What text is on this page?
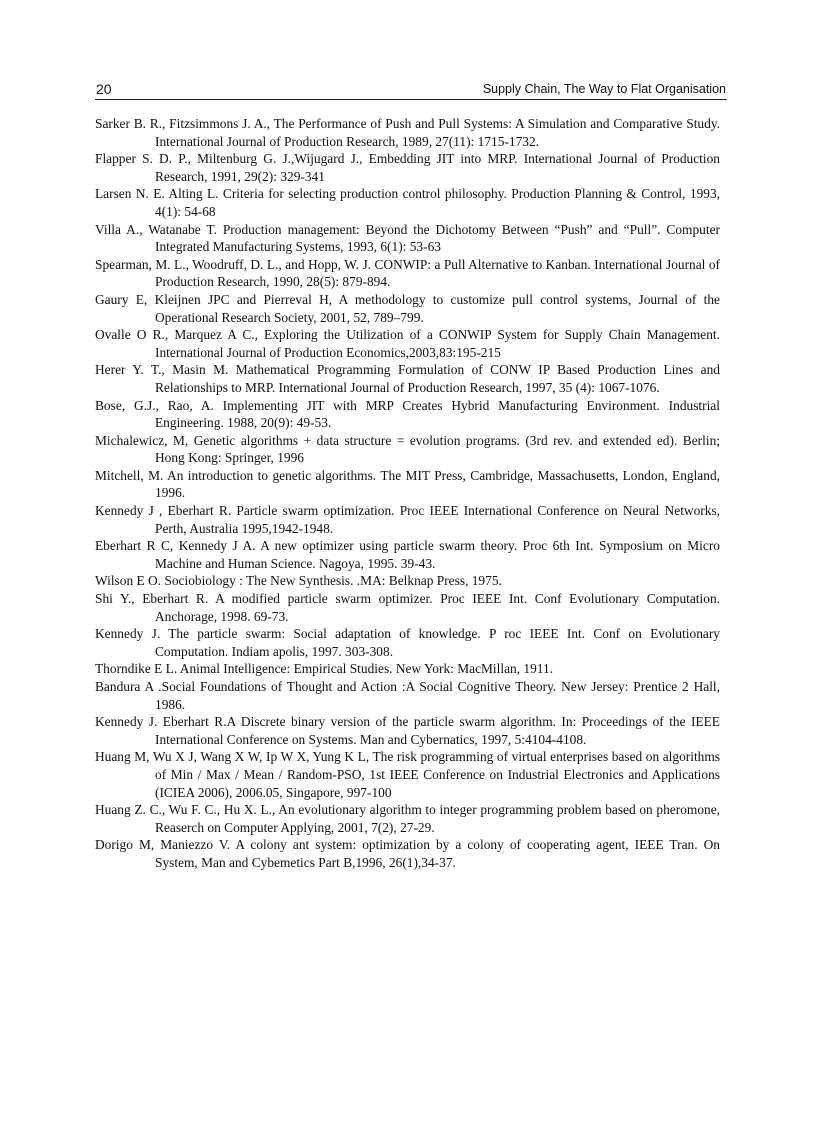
20	Supply Chain, The Way to Flat Organisation

Sarker B. R., Fitzsimmons J. A., The Performance of Push and Pull Systems: A Simulation and Comparative Study. International Journal of Production Research, 1989, 27(11): 1715-1732.

Flapper S. D. P., Miltenburg G. J.,Wijugard J., Embedding JIT into MRP. International Journal of Production Research, 1991, 29(2): 329-341

Larsen N. E. Alting L. Criteria for selecting production control philosophy. Production Planning & Control, 1993, 4(1): 54-68

Villa A., Watanabe T. Production management: Beyond the Dichotomy Between “Push” and “Pull”. Computer Integrated Manufacturing Systems, 1993, 6(1): 53-63

Spearman, M. L., Woodruff, D. L., and Hopp, W. J. CONWIP: a Pull Alternative to Kanban. International Journal of Production Research, 1990, 28(5): 879-894.

Gaury E, Kleijnen JPC and Pierreval H, A methodology to customize pull control systems, Journal of the Operational Research Society, 2001, 52, 789–799.

Ovalle O R., Marquez A C., Exploring the Utilization of a CONWIP System for Supply Chain Management. International Journal of Production Economics,2003,83:195-215

Herer Y. T., Masin M. Mathematical Programming Formulation of CONW IP Based Production Lines and Relationships to MRP. International Journal of Production Research, 1997, 35 (4): 1067-1076.

Bose, G.J., Rao, A. Implementing JIT with MRP Creates Hybrid Manufacturing Environment. Industrial Engineering. 1988, 20(9): 49-53.

Michalewicz, M, Genetic algorithms + data structure = evolution programs. (3rd rev. and extended ed). Berlin; Hong Kong: Springer, 1996

Mitchell, M. An introduction to genetic algorithms. The MIT Press, Cambridge, Massachusetts, London, England, 1996.

Kennedy J , Eberhart R. Particle swarm optimization. Proc IEEE International Conference on Neural Networks, Perth, Australia 1995,1942-1948.

Eberhart R C, Kennedy J A. A new optimizer using particle swarm theory. Proc 6th Int. Symposium on Micro Machine and Human Science. Nagoya, 1995. 39-43.

Wilson E O. Sociobiology : The New Synthesis. .MA: Belknap Press, 1975.

Shi Y., Eberhart R. A modified particle swarm optimizer. Proc IEEE Int. Conf Evolutionary Computation. Anchorage, 1998. 69-73.

Kennedy J. The particle swarm: Social adaptation of knowledge. P roc IEEE Int. Conf on Evolutionary Computation. Indiam apolis, 1997. 303-308.

Thorndike E L. Animal Intelligence: Empirical Studies. New York: MacMillan, 1911.

Bandura A .Social Foundations of Thought and Action :A Social Cognitive Theory. New Jersey: Prentice 2 Hall, 1986.

Kennedy J. Eberhart R.A Discrete binary version of the particle swarm algorithm. In: Proceedings of the IEEE International Conference on Systems. Man and Cybernatics, 1997, 5:4104-4108.

Huang M, Wu X J, Wang X W, Ip W X, Yung K L, The risk programming of virtual enterprises based on algorithms of Min / Max / Mean / Random-PSO, 1st IEEE Conference on Industrial Electronics and Applications (ICIEA 2006), 2006.05, Singapore, 997-100

Huang Z. C., Wu F. C., Hu X. L., An evolutionary algorithm to integer programming problem based on pheromone, Reaserch on Computer Applying, 2001, 7(2), 27-29.

Dorigo M, Maniezzo V. A colony ant system: optimization by a colony of cooperating agent, IEEE Tran. On System, Man and Cybemetics Part B,1996, 26(1),34-37.
